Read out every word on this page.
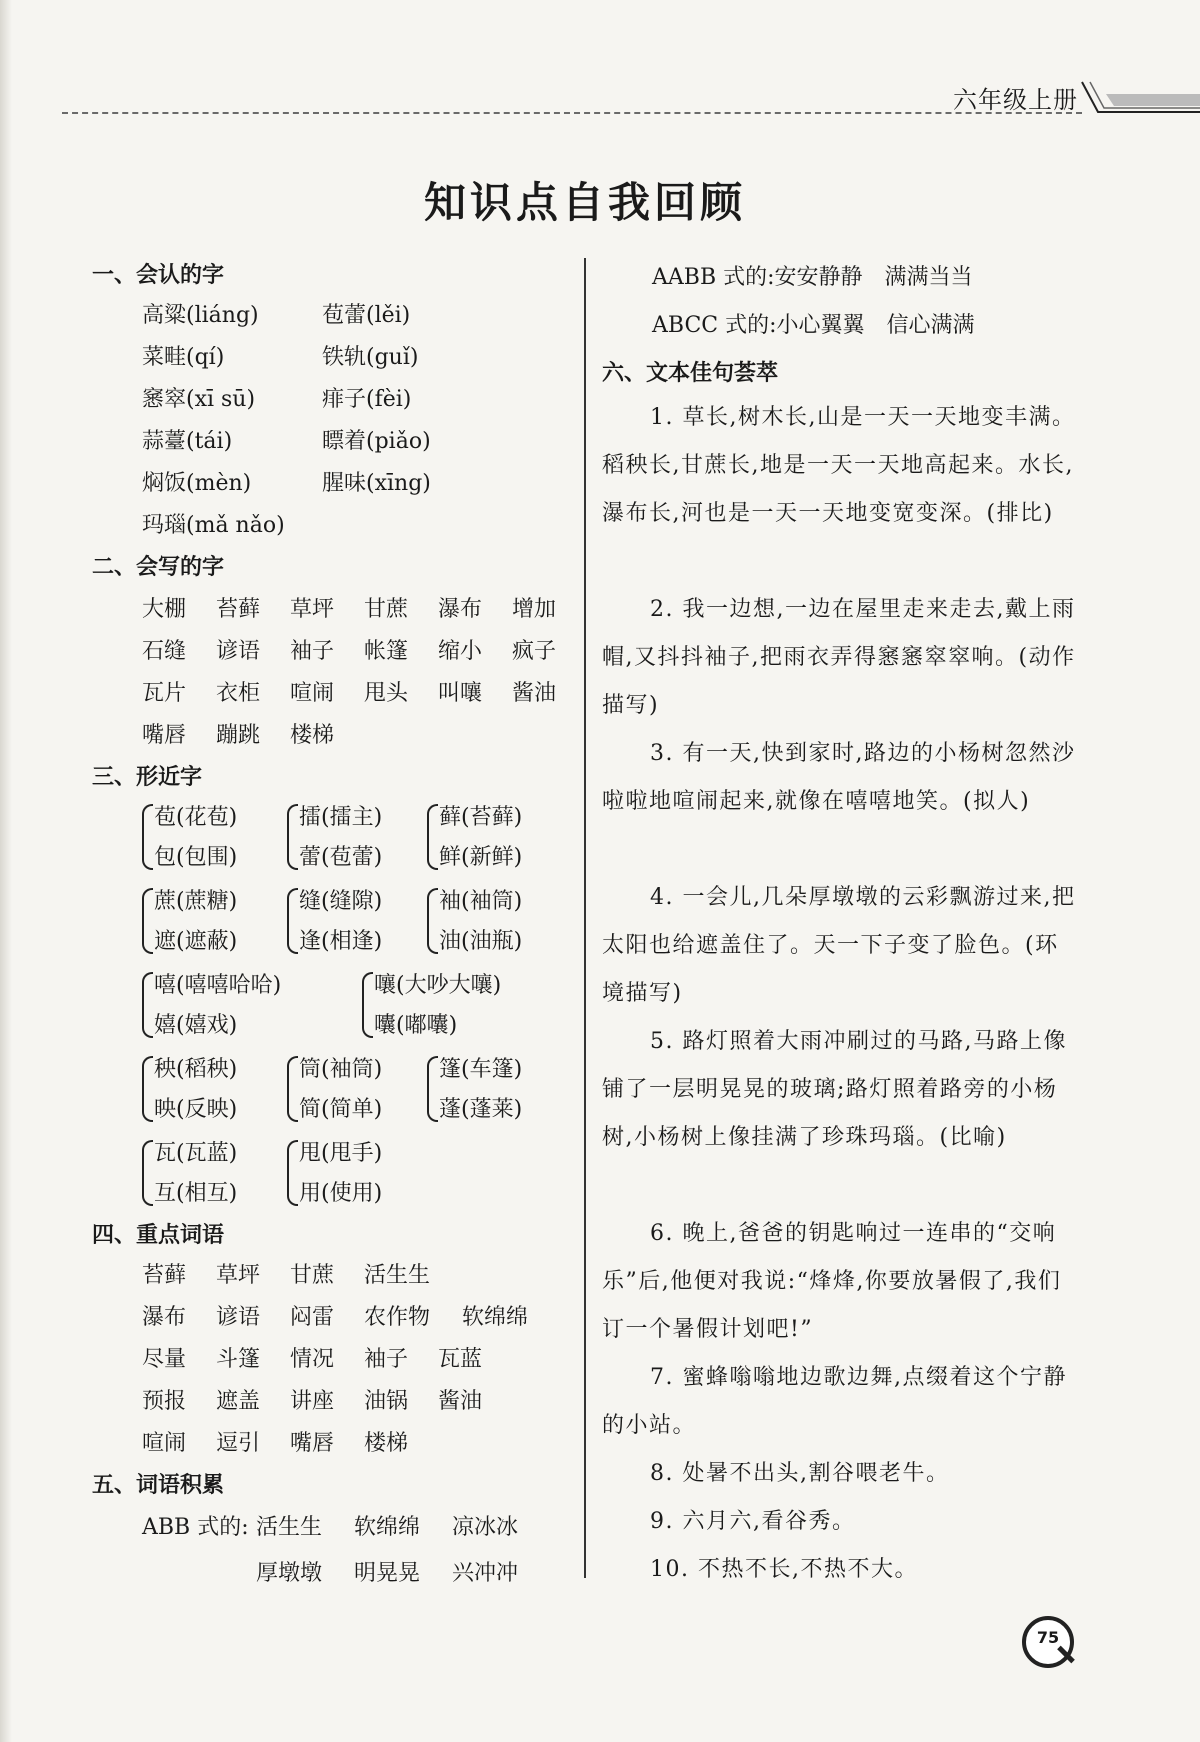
六年级上册
知识点自我回顾
一、会认的字
高粱(liáng)	苞蕾(lěi)
菜畦(qí)	铁轨(guǐ)
窸窣(xī sū)	痱子(fèi)
蒜薹(tái)	瞟着(piǎo)
焖饭(mèn)	腥味(xīng)
玛瑙(mǎ nǎo)
二、会写的字
大棚	苔藓	草坪	甘蔗	瀑布	增加
石缝	谚语	袖子	帐篷	缩小	疯子
瓦片	衣柜	喧闹	甩头	叫嚷	酱油
嘴唇	蹦跳	楼梯
三、形近字
苞(花苞)
包(包围)
擂(擂主)
蕾(苞蕾)
藓(苔藓)
鲜(新鲜)
蔗(蔗糖)
遮(遮蔽)
缝(缝隙)
逢(相逢)
袖(袖筒)
油(油瓶)
嘻(嘻嘻哈哈)
嬉(嬉戏)
嚷(大吵大嚷)
囔(嘟囔)
秧(稻秧)
映(反映)
筒(袖筒)
简(简单)
篷(车篷)
蓬(蓬莱)
瓦(瓦蓝)
互(相互)
甩(甩手)
用(使用)
四、重点词语
苔藓	草坪	甘蔗	活生生
瀑布	谚语	闷雷	农作物	软绵绵
尽量	斗篷	情况	袖子	瓦蓝
预报	遮盖	讲座	油锅	酱油
喧闹	逗引	嘴唇	楼梯
五、词语积累
ABB 式的: 活生生	软绵绵	凉冰冰
厚墩墩	明晃晃	兴冲冲
AABB 式的:安安静静　满满当当
ABCC 式的:小心翼翼　信心满满
六、文本佳句荟萃
1. 草长,树木长,山是一天一天地变丰满。稻秧长,甘蔗长,地是一天一天地高起来。水长,瀑布长,河也是一天一天地变宽变深。(排比)
2. 我一边想,一边在屋里走来走去,戴上雨帽,又抖抖袖子,把雨衣弄得窸窸窣窣响。(动作描写)
3. 有一天,快到家时,路边的小杨树忽然沙啦啦地喧闹起来,就像在嘻嘻地笑。(拟人)
4. 一会儿,几朵厚墩墩的云彩飘游过来,把太阳也给遮盖住了。天一下子变了脸色。(环境描写)
5. 路灯照着大雨冲刷过的马路,马路上像铺了一层明晃晃的玻璃;路灯照着路旁的小杨树,小杨树上像挂满了珍珠玛瑙。(比喻)
6. 晚上,爸爸的钥匙响过一连串的“交响乐”后,他便对我说:“烽烽,你要放暑假了,我们订一个暑假计划吧!”
7. 蜜蜂嗡嗡地边歌边舞,点缀着这个宁静的小站。
8. 处暑不出头,割谷喂老牛。
9. 六月六,看谷秀。
10. 不热不长,不热不大。
75
